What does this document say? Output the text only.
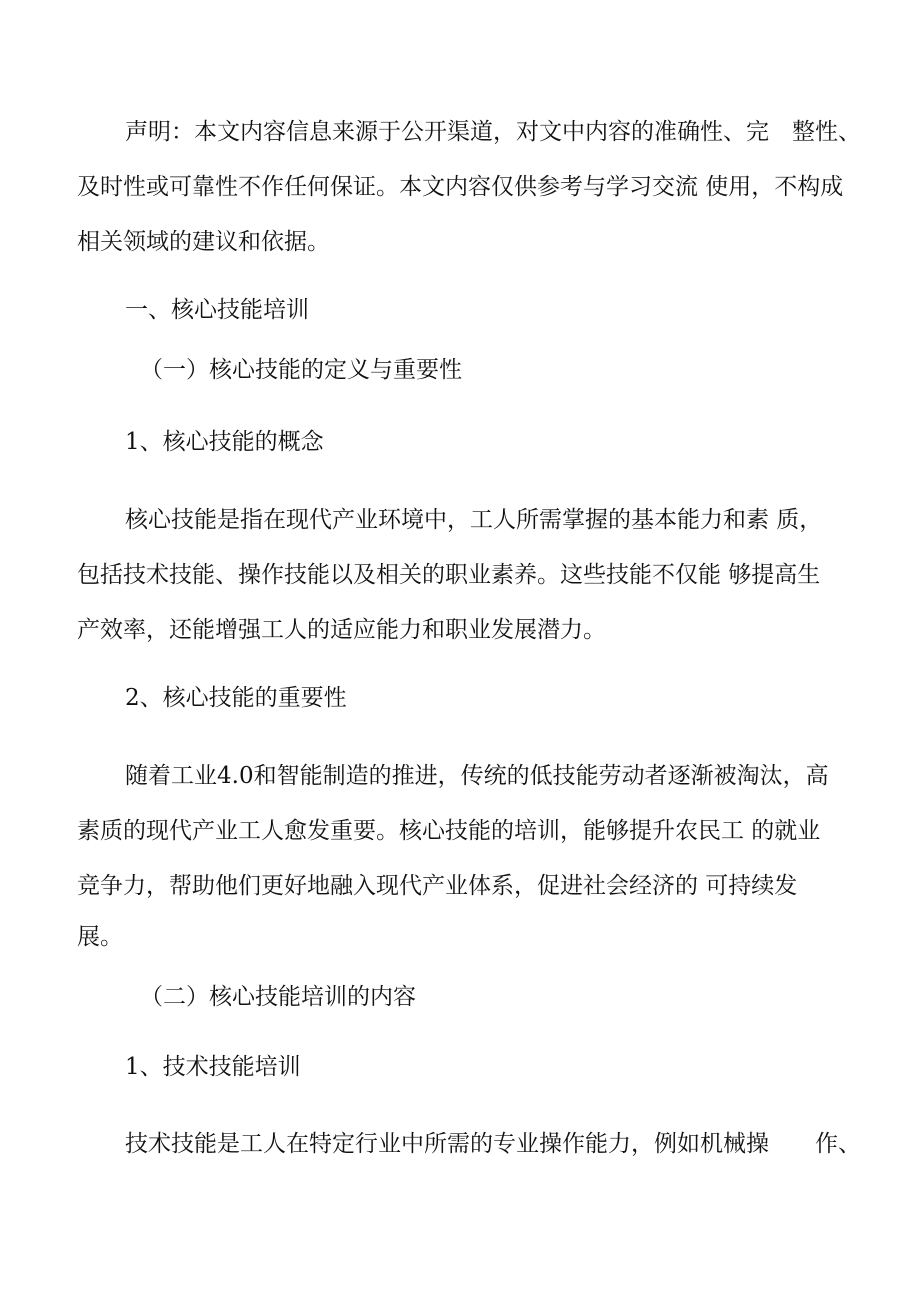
声明：本文内容信息来源于公开渠道，对文中内容的准确性、完　整性、
及时性或可靠性不作任何保证。本文内容仅供参考与学习交流 使用，不构成
相关领域的建议和依据。
一、核心技能培训
（一）核心技能的定义与重要性
1、核心技能的概念
核心技能是指在现代产业环境中，工人所需掌握的基本能力和素 质，
包括技术技能、操作技能以及相关的职业素养。这些技能不仅能 够提高生
产效率，还能增强工人的适应能力和职业发展潜力。
2、核心技能的重要性
随着工业4.0和智能制造的推进，传统的低技能劳动者逐渐被淘汰，高
素质的现代产业工人愈发重要。核心技能的培训，能够提升农民工 的就业
竞争力，帮助他们更好地融入现代产业体系，促进社会经济的 可持续发
展。
（二）核心技能培训的内容
1、技术技能培训
技术技能是工人在特定行业中所需的专业操作能力，例如机械操　　作、
